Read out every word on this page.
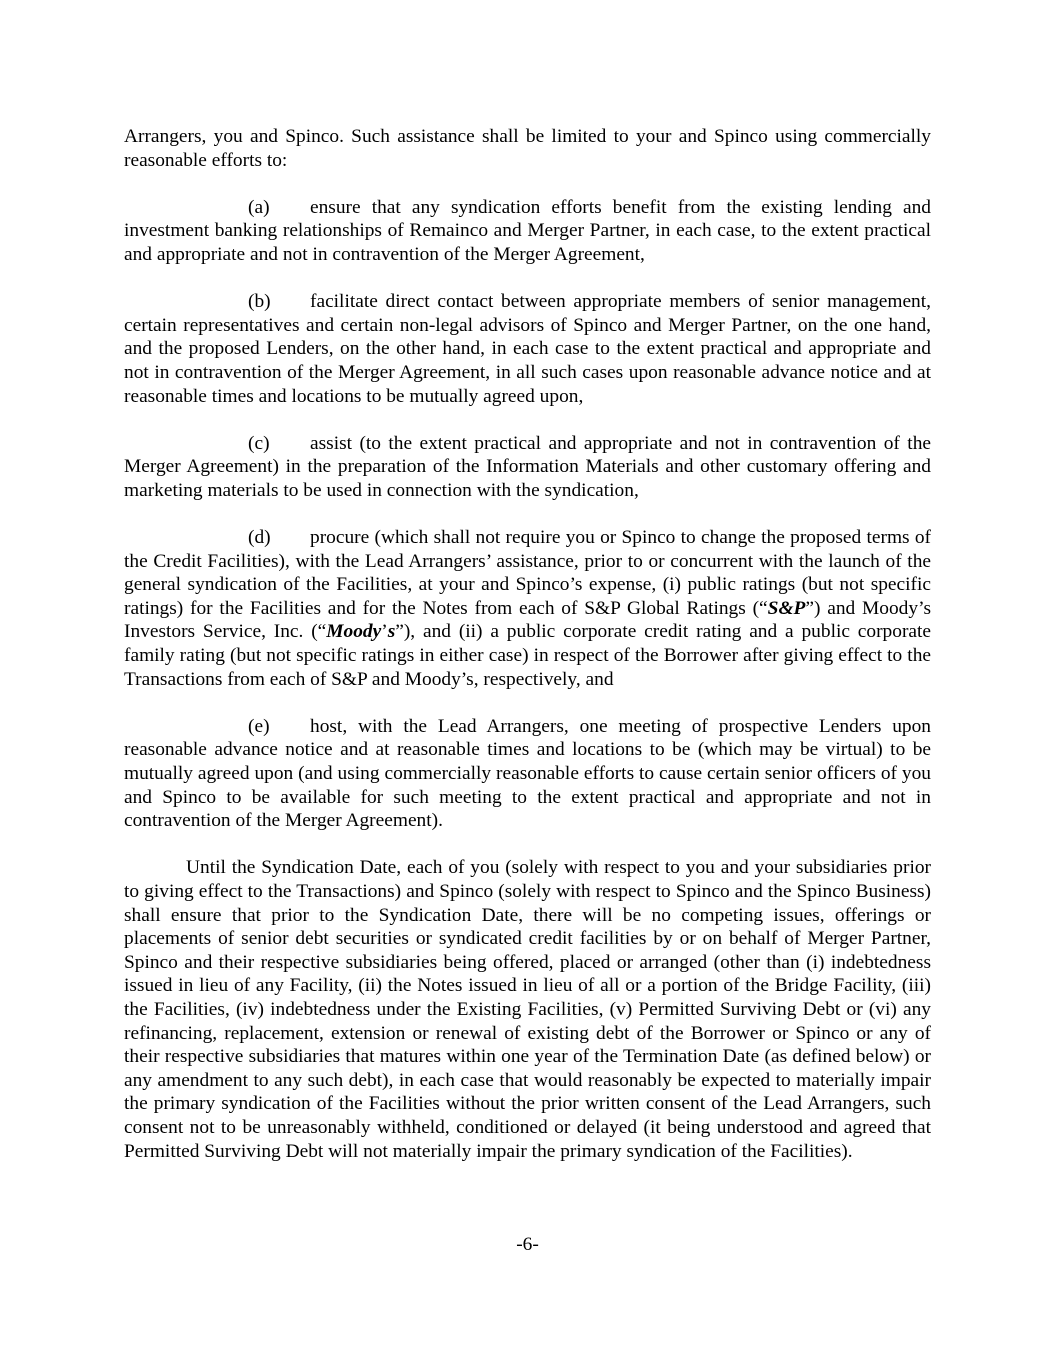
Arrangers, you and Spinco. Such assistance shall be limited to your and Spinco using commercially reasonable efforts to:

(a) ensure that any syndication efforts benefit from the existing lending and investment banking relationships of Remainco and Merger Partner, in each case, to the extent practical and appropriate and not in contravention of the Merger Agreement,

(b) facilitate direct contact between appropriate members of senior management, certain representatives and certain non-legal advisors of Spinco and Merger Partner, on the one hand, and the proposed Lenders, on the other hand, in each case to the extent practical and appropriate and not in contravention of the Merger Agreement, in all such cases upon reasonable advance notice and at reasonable times and locations to be mutually agreed upon,

(c) assist (to the extent practical and appropriate and not in contravention of the Merger Agreement) in the preparation of the Information Materials and other customary offering and marketing materials to be used in connection with the syndication,

(d) procure (which shall not require you or Spinco to change the proposed terms of the Credit Facilities), with the Lead Arrangers’ assistance, prior to or concurrent with the launch of the general syndication of the Facilities, at your and Spinco’s expense, (i) public ratings (but not specific ratings) for the Facilities and for the Notes from each of S&P Global Ratings (“S&P”) and Moody’s Investors Service, Inc. (“Moody’s”), and (ii) a public corporate credit rating and a public corporate family rating (but not specific ratings in either case) in respect of the Borrower after giving effect to the Transactions from each of S&P and Moody’s, respectively, and

(e) host, with the Lead Arrangers, one meeting of prospective Lenders upon reasonable advance notice and at reasonable times and locations to be (which may be virtual) to be mutually agreed upon (and using commercially reasonable efforts to cause certain senior officers of you and Spinco to be available for such meeting to the extent practical and appropriate and not in contravention of the Merger Agreement).

Until the Syndication Date, each of you (solely with respect to you and your subsidiaries prior to giving effect to the Transactions) and Spinco (solely with respect to Spinco and the Spinco Business) shall ensure that prior to the Syndication Date, there will be no competing issues, offerings or placements of senior debt securities or syndicated credit facilities by or on behalf of Merger Partner, Spinco and their respective subsidiaries being offered, placed or arranged (other than (i) indebtedness issued in lieu of any Facility, (ii) the Notes issued in lieu of all or a portion of the Bridge Facility, (iii) the Facilities, (iv) indebtedness under the Existing Facilities, (v) Permitted Surviving Debt or (vi) any refinancing, replacement, extension or renewal of existing debt of the Borrower or Spinco or any of their respective subsidiaries that matures within one year of the Termination Date (as defined below) or any amendment to any such debt), in each case that would reasonably be expected to materially impair the primary syndication of the Facilities without the prior written consent of the Lead Arrangers, such consent not to be unreasonably withheld, conditioned or delayed (it being understood and agreed that Permitted Surviving Debt will not materially impair the primary syndication of the Facilities).

-6-
